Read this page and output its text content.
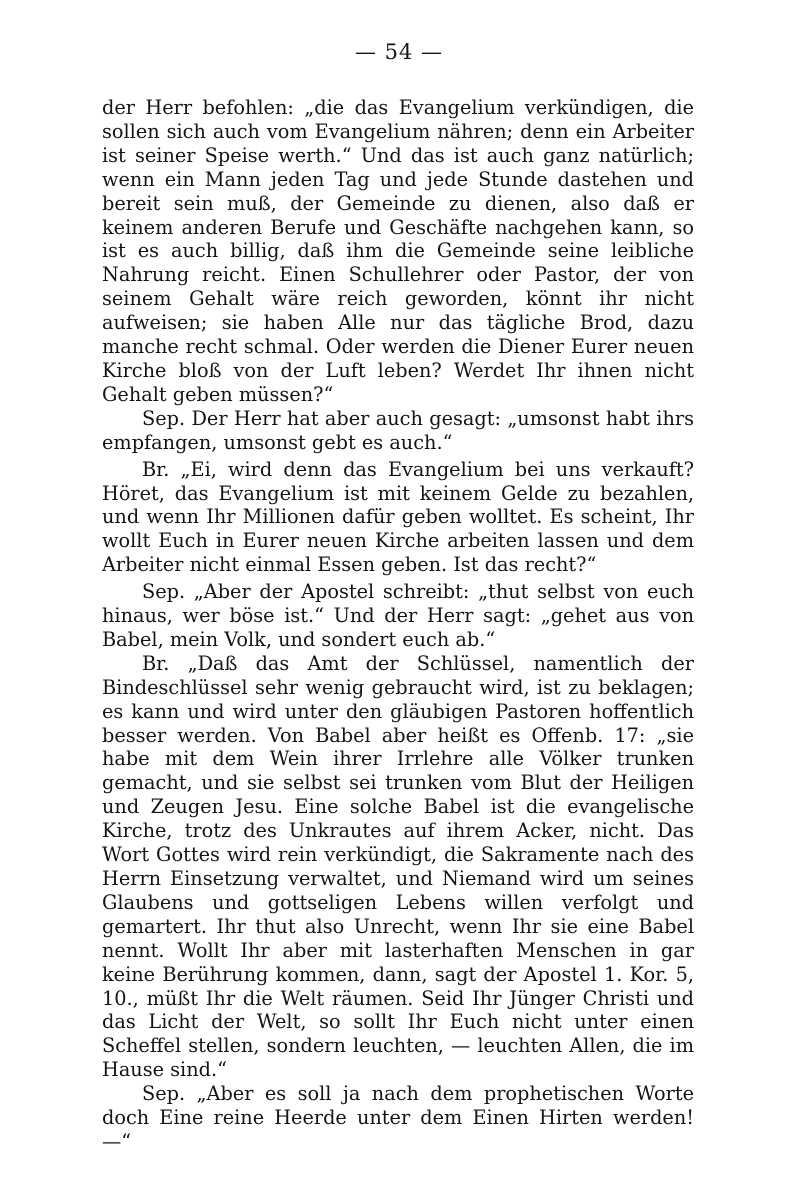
— 54 —

der Herr befohlen: „die das Evangelium verkündigen, die sollen sich auch vom Evangelium nähren; denn ein Arbeiter ist seiner Speise werth.“ Und das ist auch ganz natürlich; wenn ein Mann jeden Tag und jede Stunde dastehen und bereit sein muß, der Gemeinde zu dienen, also daß er keinem anderen Berufe und Geschäfte nachgehen kann, so ist es auch billig, daß ihm die Gemeinde seine leibliche Nahrung reicht. Einen Schullehrer oder Pastor, der von seinem Gehalt wäre reich geworden, könnt ihr nicht aufweisen; sie haben Alle nur das tägliche Brod, dazu manche recht schmal. Oder werden die Diener Eurer neuen Kirche bloß von der Luft leben? Werdet Ihr ihnen nicht Gehalt geben müssen?“

Sep. Der Herr hat aber auch gesagt: „umsonst habt ihrs empfangen, umsonst gebt es auch.“

Br. „Ei, wird denn das Evangelium bei uns verkauft? Höret, das Evangelium ist mit keinem Gelde zu bezahlen, und wenn Ihr Millionen dafür geben wolltet. Es scheint, Ihr wollt Euch in Eurer neuen Kirche arbeiten lassen und dem Arbeiter nicht einmal Essen geben. Ist das recht?“

Sep. „Aber der Apostel schreibt: „thut selbst von euch hinaus, wer böse ist.“ Und der Herr sagt: „gehet aus von Babel, mein Volk, und sondert euch ab.“

Br. „Daß das Amt der Schlüssel, namentlich der Bindeschlüssel sehr wenig gebraucht wird, ist zu beklagen; es kann und wird unter den gläubigen Pastoren hoffentlich besser werden. Von Babel aber heißt es Offenb. 17: „sie habe mit dem Wein ihrer Irrlehre alle Völker trunken gemacht, und sie selbst sei trunken vom Blut der Heiligen und Zeugen Jesu. Eine solche Babel ist die evangelische Kirche, trotz des Unkrautes auf ihrem Acker, nicht. Das Wort Gottes wird rein verkündigt, die Sakramente nach des Herrn Einsetzung verwaltet, und Niemand wird um seines Glaubens und gottseligen Lebens willen verfolgt und gemartert. Ihr thut also Unrecht, wenn Ihr sie eine Babel nennt. Wollt Ihr aber mit lasterhaften Menschen in gar keine Berührung kommen, dann, sagt der Apostel 1. Kor. 5, 10., müßt Ihr die Welt räumen. Seid Ihr Jünger Christi und das Licht der Welt, so sollt Ihr Euch nicht unter einen Scheffel stellen, sondern leuchten, — leuchten Allen, die im Hause sind.“

Sep. „Aber es soll ja nach dem prophetischen Worte doch Eine reine Heerde unter dem Einen Hirten werden! —“
